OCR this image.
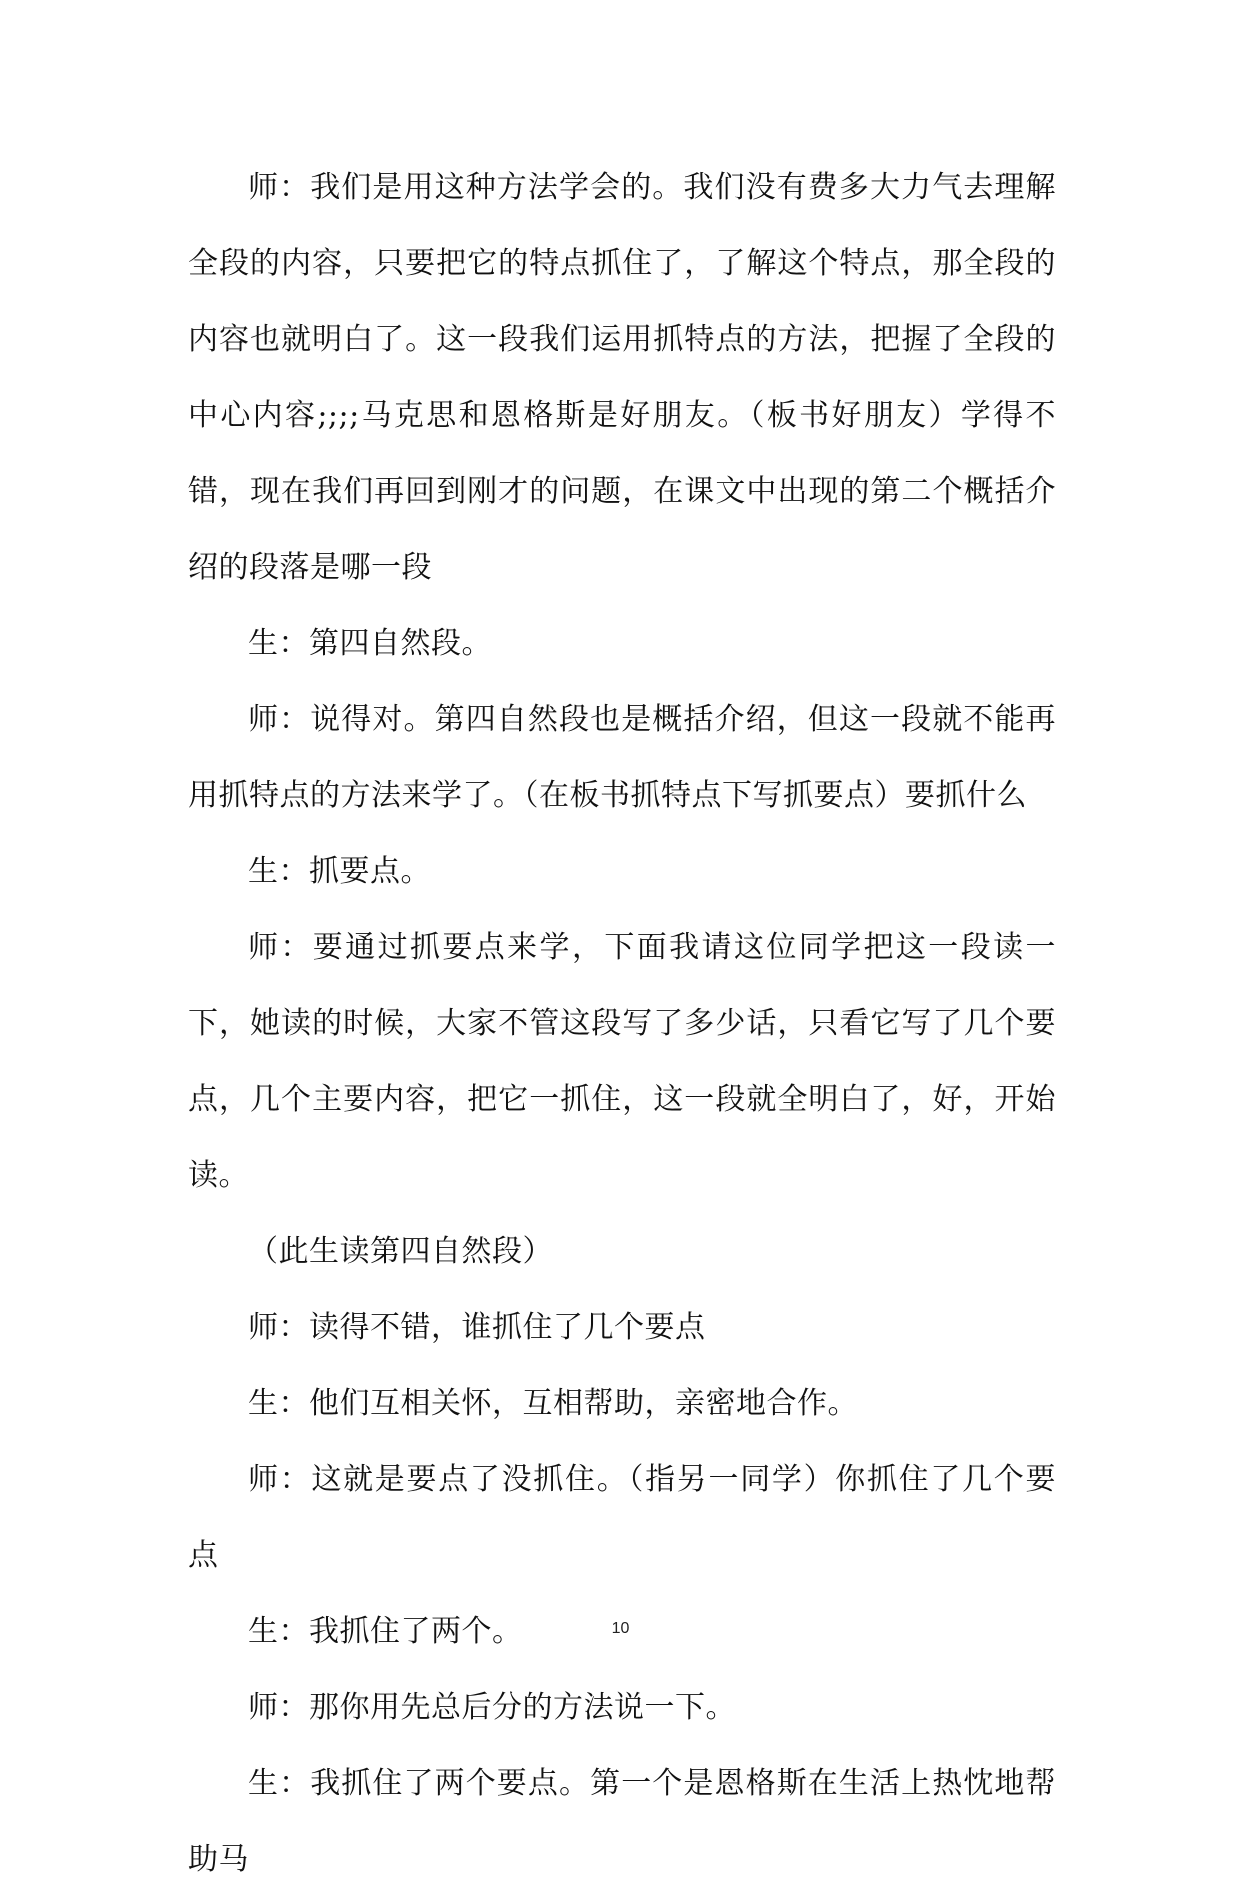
师：我们是用这种方法学会的。我们没有费多大力气去理解全段的内容，只要把它的特点抓住了，了解这个特点，那全段的内容也就明白了。这一段我们运用抓特点的方法，把握了全段的中心内容;;;;马克思和恩格斯是好朋友。（板书好朋友）学得不错，现在我们再回到刚才的问题，在课文中出现的第二个概括介绍的段落是哪一段

生：第四自然段。

师：说得对。第四自然段也是概括介绍，但这一段就不能再用抓特点的方法来学了。（在板书抓特点下写抓要点）要抓什么

生：抓要点。

师：要通过抓要点来学，下面我请这位同学把这一段读一下，她读的时候，大家不管这段写了多少话，只看它写了几个要点，几个主要内容，把它一抓住，这一段就全明白了，好，开始读。

（此生读第四自然段）

师：读得不错，谁抓住了几个要点

生：他们互相关怀，互相帮助，亲密地合作。

师：这就是要点了没抓住。（指另一同学）你抓住了几个要点

生：我抓住了两个。

师：那你用先总后分的方法说一下。

生：我抓住了两个要点。第一个是恩格斯在生活上热忱地帮助马

10
